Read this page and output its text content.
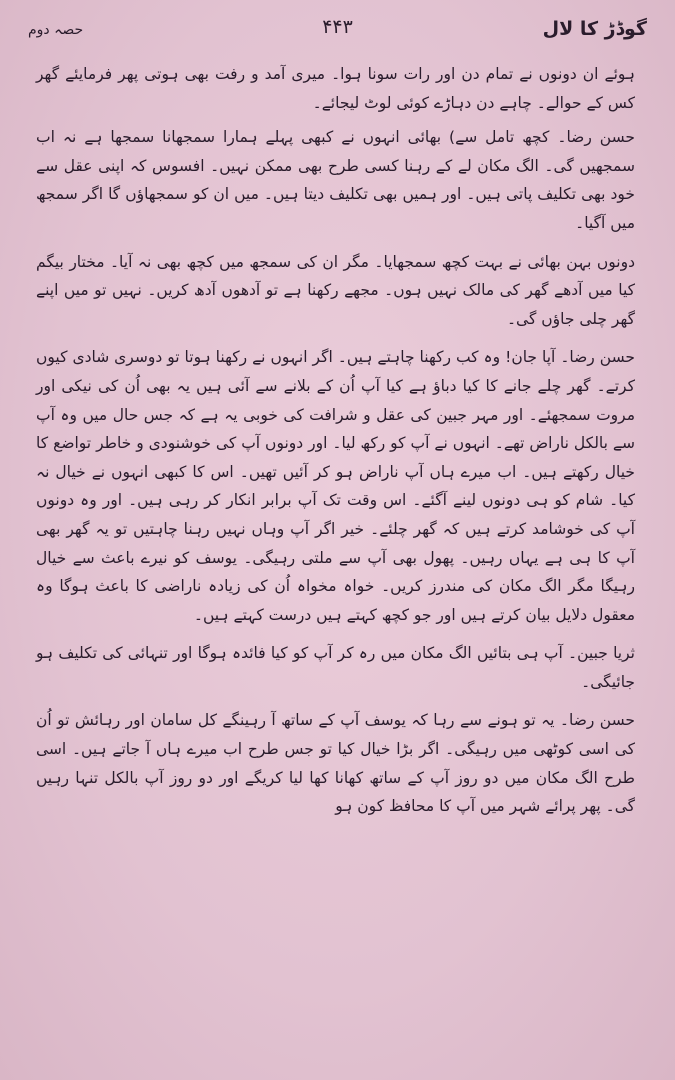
گوڈڑ کا لال
۴۴۳
حصہ دوم

ہوئے ان دونوں نے تمام دن اور رات سونا ہوا۔ میری آمد و رفت بھی ہوتی پھر فرمایئے گھر کس کے حوالے۔ چاہے دن دہاڑے کوئی لوٹ لیجائے۔

حسن رضا۔ کچھ تامل سے) بھائی انہوں نے کبھی پہلے ہمارا سمجھانا سمجھا ہے نہ اب سمجھیں گی۔ الگ مکان لے کے رہنا کسی طرح بھی ممکن نہیں۔ افسوس کہ اپنی عقل سے خود بھی تکلیف پاتی ہیں۔ اور ہمیں بھی تکلیف دیتا ہیں۔ میں ان کو سمجھاؤں گا اگر سمجھ میں آگیا۔

دونوں بہن بھائی نے بہت کچھ سمجھایا۔ مگر ان کی سمجھ میں کچھ بھی نہ آیا۔ مختار بیگم کیا میں آدھے گھر کی مالک نہیں ہوں۔ مجھے رکھنا ہے تو آدھوں آدھ کریں۔ نہیں تو میں اپنے گھر چلی جاؤں گی۔

حسن رضا۔ آپا جان! وہ کب رکھنا چاہتے ہیں۔ اگر انہوں نے رکھنا ہوتا تو دوسری شادی کیوں کرتے۔ گھر چلے جانے کا کیا دباؤ ہے کیا آپ اُن کے بلانے سے آئی ہیں یہ بھی اُن کی نیکی اور مروت سمجھئے۔ اور مہر جبین کی عقل و شرافت کی خوبی یہ ہے کہ جس حال میں وہ آپ سے بالکل ناراض تھے۔ انہوں نے آپ کو رکھ لیا۔ اور دونوں آپ کی خوشنودی و خاطر تواضع کا خیال رکھتے ہیں۔ اب میرے ہاں آپ ناراض ہو کر آئیں تھیں۔ اس کا کبھی انہوں نے خیال نہ کیا۔ شام کو ہی دونوں لینے آگئے۔ اس وقت تک آپ برابر انکار کر رہی ہیں۔ اور وہ دونوں آپ کی خوشامد کرتے ہیں کہ گھر چلئے۔ خیر اگر آپ وہاں نہیں رہنا چاہتیں تو یہ گھر بھی آپ کا ہی ہے یہاں رہیں۔ پھول بھی آپ سے ملتی رہیگی۔ یوسف کو نیرے باعث سے خیال رہیگا مگر الگ مکان کی مندرز کریں۔ خواہ مخواہ اُن کی زیادہ ناراضی کا باعث ہوگا وہ معقول دلایل بیان کرتے ہیں اور جو کچھ کہتے ہیں درست کہتے ہیں۔

ثریا جبین۔ آپ ہی بتائیں الگ مکان میں رہ کر آپ کو کیا فائدہ ہوگا اور تنہائی کی تکلیف ہو جائیگی۔

حسن رضا۔ یہ تو ہونے سے رہا کہ یوسف آپ کے ساتھ آ رہینگے کل سامان اور رہائش تو اُن کی اسی کوٹھی میں رہیگی۔ اگر بڑا خیال کیا تو جس طرح اب میرے ہاں آ جاتے ہیں۔ اسی طرح الگ مکان میں دو روز آپ کے ساتھ کھانا کھا لیا کریگے اور دو روز آپ بالکل تنہا رہیں گی۔ پھر پرائے شہر میں آپ کا محافظ کون ہو
